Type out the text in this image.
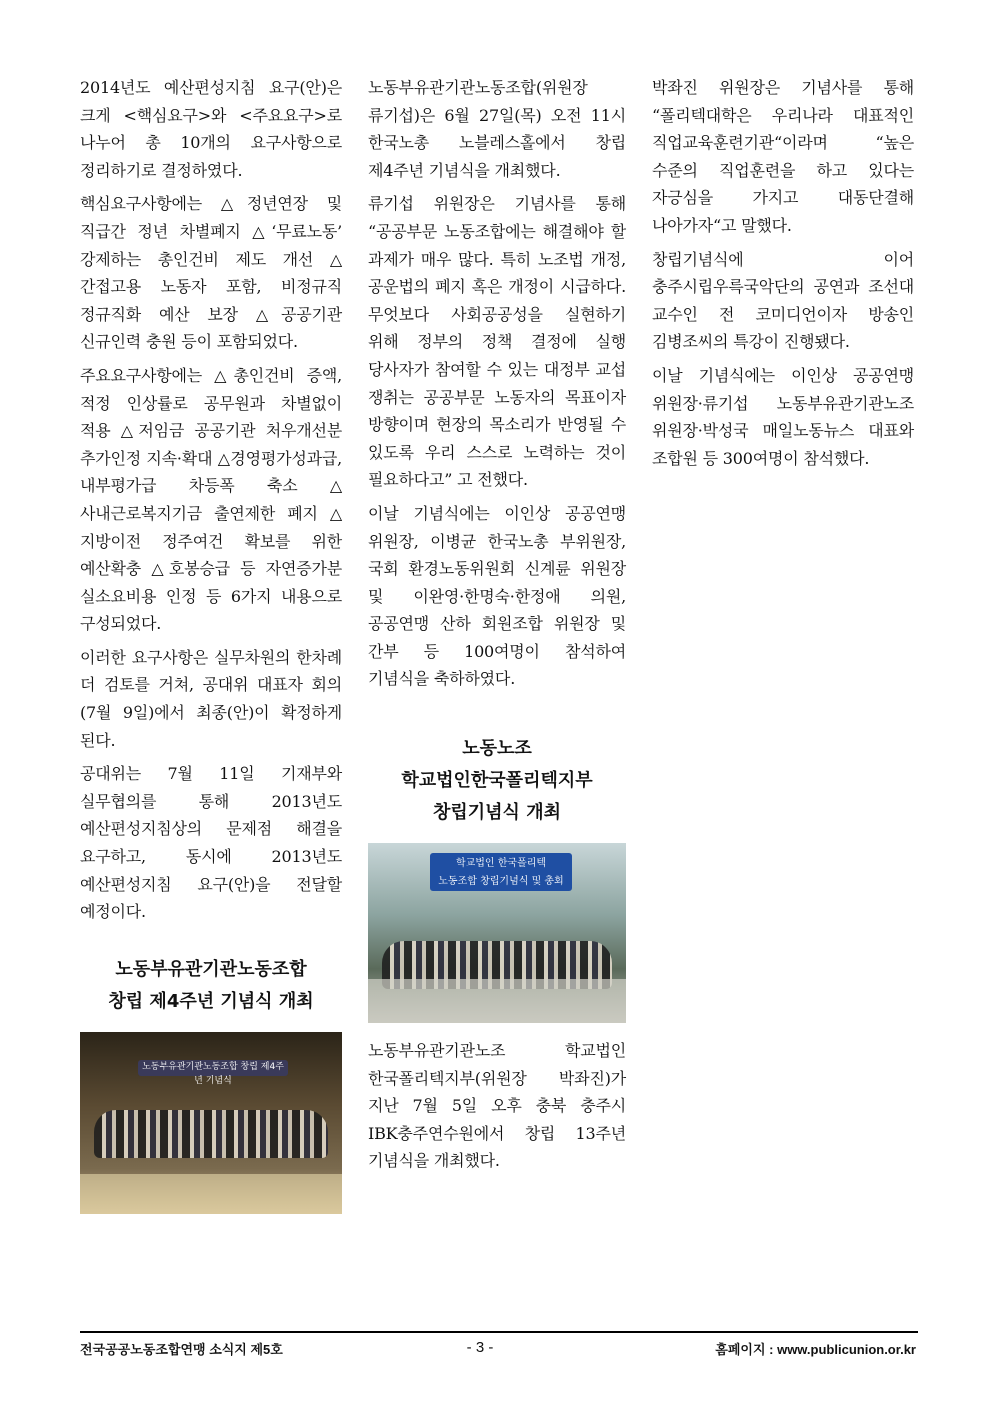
2014년도 예산편성지침 요구(안)은 크게 <핵심요구>와 <주요요구>로 나누어 총 10개의 요구사항으로 정리하기로 결정하였다.

핵심요구사항에는 △정년연장 및 직급간 정년 차별폐지 △‘무료노동’ 강제하는 총인건비 제도 개선 △간접고용 노동자 포함, 비정규직 정규직화 예산 보장 △공공기관 신규인력 충원 등이 포함되었다.

주요요구사항에는 △총인건비 증액, 적정 인상률로 공무원과 차별없이 적용 △저임금 공공기관 처우개선분 추가인정 지속·확대 △경영평가성과급, 내부평가급 차등폭 축소 △사내근로복지기금 출연제한 폐지 △지방이전 정주여건 확보를 위한 예산확충 △호봉승급 등 자연증가분 실소요비용 인정 등 6가지 내용으로 구성되었다.

이러한 요구사항은 실무차원의 한차례 더 검토를 거쳐, 공대위 대표자 회의(7월 9일)에서 최종(안)이 확정하게 된다.

공대위는 7월 11일 기재부와 실무협의를 통해 2013년도 예산편성지침상의 문제점 해결을 요구하고, 동시에 2013년도 예산편성지침 요구(안)을 전달할 예정이다.

노동부유관기관노동조합
창립 제4주년 기념식 개최
노동부유관기관노동조합 창립 제4주년 기념식

노동부유관기관노동조합(위원장 류기섭)은 6월 27일(목) 오전 11시 한국노총 노블레스홀에서 창립 제4주년 기념식을 개최했다.

류기섭 위원장은 기념사를 통해 “공공부문 노동조합에는 해결해야 할 과제가 매우 많다. 특히 노조법 개정, 공운법의 폐지 혹은 개정이 시급하다. 무엇보다 사회공공성을 실현하기 위해 정부의 정책 결정에 실행 당사자가 참여할 수 있는 대정부 교섭 쟁취는 공공부문 노동자의 목표이자 방향이며 현장의 목소리가 반영될 수 있도록 우리 스스로 노력하는 것이 필요하다고” 고 전했다.

이날 기념식에는 이인상 공공연맹 위원장, 이병균 한국노총 부위원장, 국회 환경노동위원회 신계륜 위원장 및 이완영·한명숙·한정애 의원, 공공연맹 산하 회원조합 위원장 및 간부 등 100여명이 참석하여 기념식을 축하하였다.

노동노조
학교법인한국폴리텍지부
창립기념식 개최
학교법인 한국폴리텍
노동조합 창립기념식 및 총회

노동부유관기관노조 학교법인 한국폴리텍지부(위원장 박좌진)가 지난 7월 5일 오후 충북 충주시 IBK충주연수원에서 창립 13주년 기념식을 개최했다.

박좌진 위원장은 기념사를 통해 “폴리텍대학은 우리나라 대표적인 직업교육훈련기관“이라며 “높은 수준의 직업훈련을 하고 있다는 자긍심을 가지고 대동단결해 나아가자“고 말했다.

창립기념식에 이어 충주시립우륵국악단의 공연과 조선대 교수인 전 코미디언이자 방송인 김병조씨의 특강이 진행됐다.

이날 기념식에는 이인상 공공연맹 위원장·류기섭 노동부유관기관노조 위원장·박성국 매일노동뉴스 대표와 조합원 등 300여명이 참석했다.

전국공공노동조합연맹 소식지 제5호	- 3 -	홈페이지 : www.publicunion.or.kr
